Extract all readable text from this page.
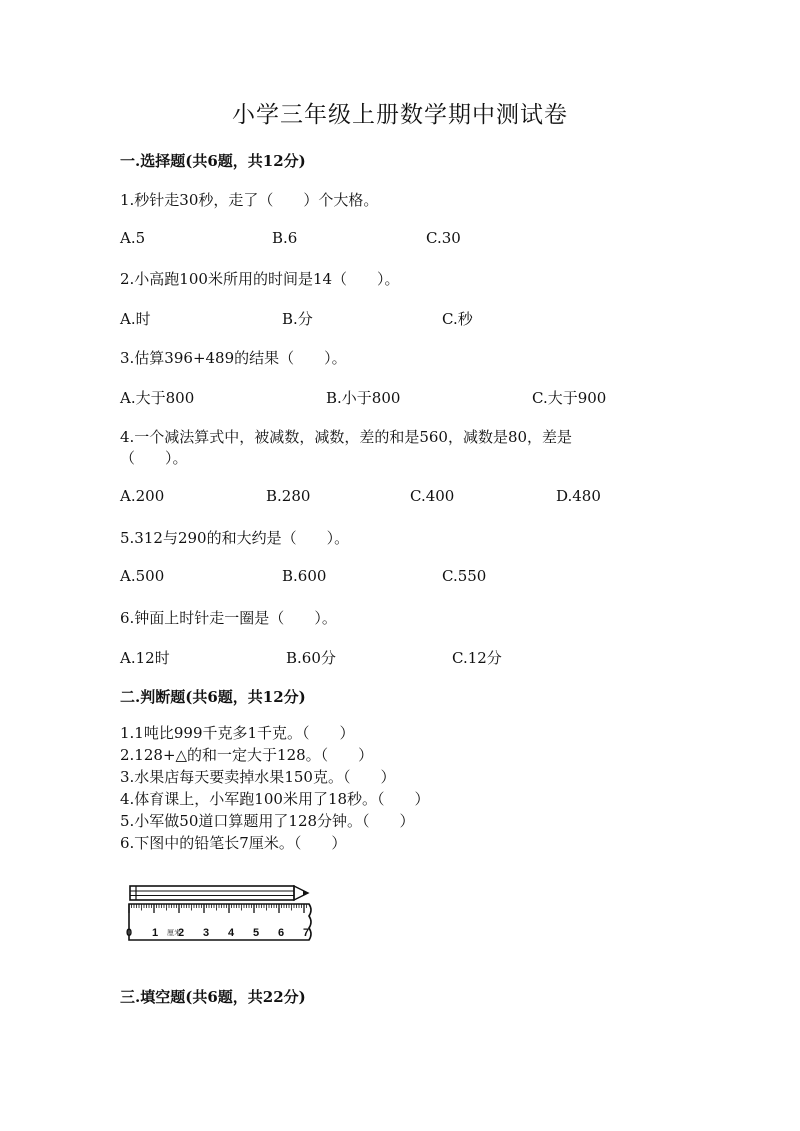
小学三年级上册数学期中测试卷
一.选择题(共6题，共12分)
1.秒针走30秒，走了（　　）个大格。
A.5	B.6	C.30
2.小高跑100米所用的时间是14（　　）。
A.时	B.分	C.秒
3.估算396+489的结果（　　）。
A.大于800	B.小于800	C.大于900
4.一个减法算式中，被减数，减数，差的和是560，减数是80，差是
（　　）。
A.200	B.280	C.400	D.480
5.312与290的和大约是（　　）。
A.500	B.600	C.550
6.钟面上时针走一圈是（　　）。
A.12时	B.60分	C.12分
二.判断题(共6题，共12分)
1.1吨比999千克多1千克。（　　）
2.128+△的和一定大于128。（　　）
3.水果店每天要卖掉水果150克。（　　）
4.体育课上，小军跑100米用了18秒。（　　）
5.小军做50道口算题用了128分钟。（　　）
6.下图中的铅笔长7厘米。（　　）
0 1 厘米
2 3 4 5 6 7
三.填空题(共6题，共22分)
